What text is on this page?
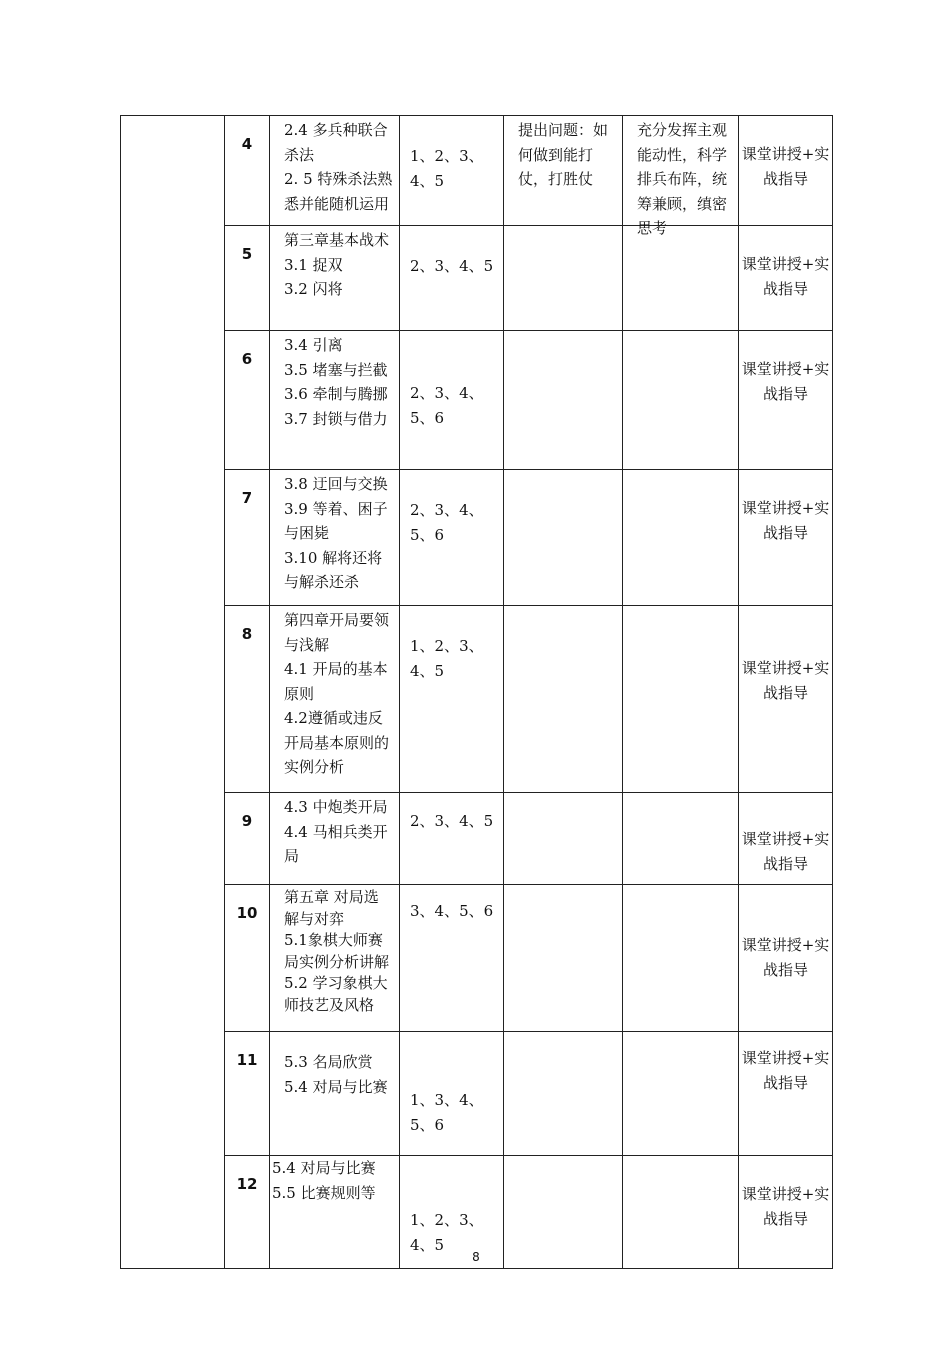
	4	2.4 多兵种联合杀法
2. 5 特殊杀法熟悉并能随机运用	1、2、3、4、5	提出问题：如何做到能打仗，打胜仗	充分发挥主观能动性，科学排兵布阵，统筹兼顾，缜密思考	课堂讲授+实战指导

	5	第三章基本战术
3.1 捉双
3.2 闪将	2、3、4、5			课堂讲授+实战指导

	6	3.4 引离
3.5 堵塞与拦截　3.6 牵制与腾挪　3.7 封锁与借力	2、3、4、5、6			课堂讲授+实战指导

	7	3.8 迂回与交换　 3.9 等着、困子与困毙
3.10 解将还将与解杀还杀	2、3、4、5、6			课堂讲授+实战指导

	8	第四章开局要领与浅解
4.1 开局的基本原则
4.2遵循或违反开局基本原则的实例分析	1、2、3、4、5			课堂讲授+实战指导

	9	4.3 中炮类开局　　　4.4 马相兵类开局	2、3、4、5			课堂讲授+实战指导

	10	第五章 对局选解与对弈
5.1象棋大师赛局实例分析讲解
5.2 学习象棋大师技艺及风格	3、4、5、6			课堂讲授+实战指导

	11	5.3 名局欣赏
5.4 对局与比赛	1、3、4、5、6			课堂讲授+实战指导

	12	5.4 对局与比赛
5.5 比赛规则等	1、2、3、4、5			课堂讲授+实战指导
8
